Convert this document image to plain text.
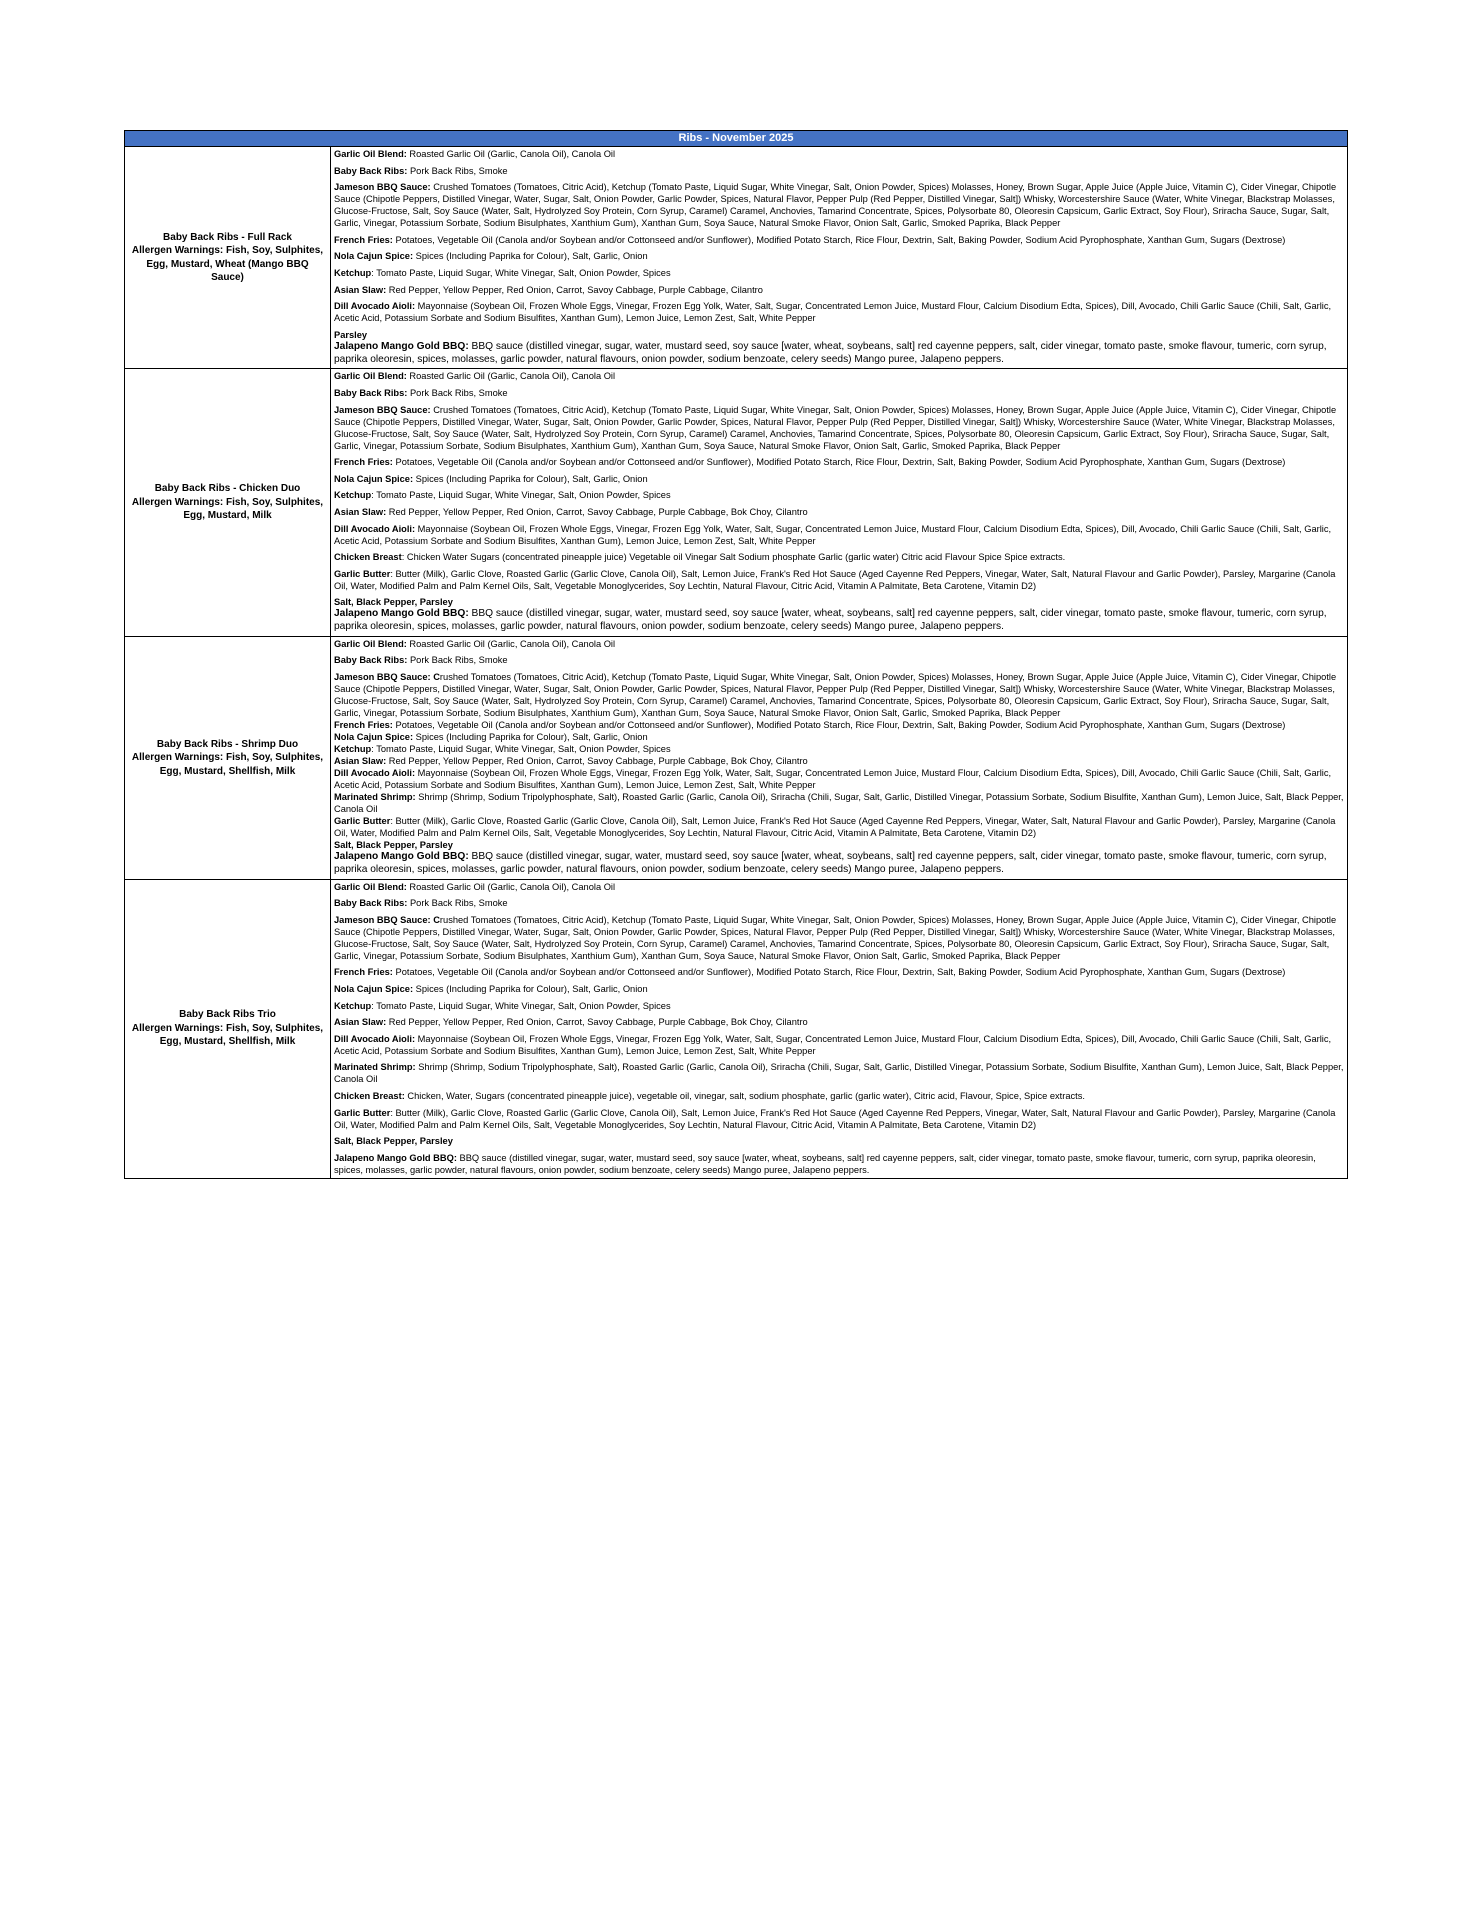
Ribs - November 2025
Baby Back Ribs - Full Rack
Allergen Warnings: Fish, Soy, Sulphites, Egg, Mustard, Wheat (Mango BBQ Sauce)
Garlic Oil Blend: Roasted Garlic Oil (Garlic, Canola Oil), Canola Oil
Baby Back Ribs: Pork Back Ribs, Smoke
Jameson BBQ Sauce: Crushed Tomatoes (Tomatoes, Citric Acid), Ketchup (Tomato Paste, Liquid Sugar, White Vinegar, Salt, Onion Powder, Spices) Molasses, Honey, Brown Sugar, Apple Juice (Apple Juice, Vitamin C), Cider Vinegar, Chipotle Sauce (Chipotle Peppers, Distilled Vinegar, Water, Sugar, Salt, Onion Powder, Garlic Powder, Spices, Natural Flavor, Pepper Pulp (Red Pepper, Distilled Vinegar, Salt]) Whisky, Worcestershire Sauce (Water, White Vinegar, Blackstrap Molasses, Glucose-Fructose, Salt, Soy Sauce (Water, Salt, Hydrolyzed Soy Protein, Corn Syrup, Caramel) Caramel, Anchovies, Tamarind Concentrate, Spices, Polysorbate 80, Oleoresin Capsicum, Garlic Extract, Soy Flour), Sriracha Sauce, Sugar, Salt, Garlic, Vinegar, Potassium Sorbate, Sodium Bisulphates, Xanthium Gum), Xanthan Gum, Soya Sauce, Natural Smoke Flavor, Onion Salt, Garlic, Smoked Paprika, Black Pepper
French Fries: Potatoes, Vegetable Oil (Canola and/or Soybean and/or Cottonseed and/or Sunflower), Modified Potato Starch, Rice Flour, Dextrin, Salt, Baking Powder, Sodium Acid Pyrophosphate, Xanthan Gum, Sugars (Dextrose)
Nola Cajun Spice: Spices (Including Paprika for Colour), Salt, Garlic, Onion
Ketchup: Tomato Paste, Liquid Sugar, White Vinegar, Salt, Onion Powder, Spices
Asian Slaw: Red Pepper, Yellow Pepper, Red Onion, Carrot, Savoy Cabbage, Purple Cabbage, Cilantro
Dill Avocado Aioli: Mayonnaise (Soybean Oil, Frozen Whole Eggs, Vinegar, Frozen Egg Yolk, Water, Salt, Sugar, Concentrated Lemon Juice, Mustard Flour, Calcium Disodium Edta, Spices), Dill, Avocado, Chili Garlic Sauce (Chili, Salt, Garlic, Acetic Acid, Potassium Sorbate and Sodium Bisulfites, Xanthan Gum), Lemon Juice, Lemon Zest, Salt, White Pepper
Parsley
Jalapeno Mango Gold BBQ: BBQ sauce (distilled vinegar, sugar, water, mustard seed, soy sauce [water, wheat, soybeans, salt] red cayenne peppers, salt, cider vinegar, tomato paste, smoke flavour, tumeric, corn syrup, paprika oleoresin, spices, molasses, garlic powder, natural flavours, onion powder, sodium benzoate, celery seeds) Mango puree, Jalapeno peppers.
Baby Back Ribs - Chicken Duo
Allergen Warnings: Fish, Soy, Sulphites, Egg, Mustard, Milk
Garlic Oil Blend: Roasted Garlic Oil (Garlic, Canola Oil), Canola Oil
Baby Back Ribs: Pork Back Ribs, Smoke
Jameson BBQ Sauce: Crushed Tomatoes (Tomatoes, Citric Acid), Ketchup (Tomato Paste, Liquid Sugar, White Vinegar, Salt, Onion Powder, Spices) Molasses, Honey, Brown Sugar, Apple Juice (Apple Juice, Vitamin C), Cider Vinegar, Chipotle Sauce (Chipotle Peppers, Distilled Vinegar, Water, Sugar, Salt, Onion Powder, Garlic Powder, Spices, Natural Flavor, Pepper Pulp (Red Pepper, Distilled Vinegar, Salt]) Whisky, Worcestershire Sauce (Water, White Vinegar, Blackstrap Molasses, Glucose-Fructose, Salt, Soy Sauce (Water, Salt, Hydrolyzed Soy Protein, Corn Syrup, Caramel) Caramel, Anchovies, Tamarind Concentrate, Spices, Polysorbate 80, Oleoresin Capsicum, Garlic Extract, Soy Flour), Sriracha Sauce, Sugar, Salt, Garlic, Vinegar, Potassium Sorbate, Sodium Bisulphates, Xanthium Gum), Xanthan Gum, Soya Sauce, Natural Smoke Flavor, Onion Salt, Garlic, Smoked Paprika, Black Pepper
French Fries: Potatoes, Vegetable Oil (Canola and/or Soybean and/or Cottonseed and/or Sunflower), Modified Potato Starch, Rice Flour, Dextrin, Salt, Baking Powder, Sodium Acid Pyrophosphate, Xanthan Gum, Sugars (Dextrose)
Nola Cajun Spice: Spices (Including Paprika for Colour), Salt, Garlic, Onion
Ketchup: Tomato Paste, Liquid Sugar, White Vinegar, Salt, Onion Powder, Spices
Asian Slaw: Red Pepper, Yellow Pepper, Red Onion, Carrot, Savoy Cabbage, Purple Cabbage, Bok Choy, Cilantro
Dill Avocado Aioli: Mayonnaise (Soybean Oil, Frozen Whole Eggs, Vinegar, Frozen Egg Yolk, Water, Salt, Sugar, Concentrated Lemon Juice, Mustard Flour, Calcium Disodium Edta, Spices), Dill, Avocado, Chili Garlic Sauce (Chili, Salt, Garlic, Acetic Acid, Potassium Sorbate and Sodium Bisulfites, Xanthan Gum), Lemon Juice, Lemon Zest, Salt, White Pepper
Chicken Breast: Chicken Water Sugars (concentrated pineapple juice) Vegetable oil Vinegar Salt Sodium phosphate Garlic (garlic water) Citric acid Flavour Spice Spice extracts.
Garlic Butter: Butter (Milk), Garlic Clove, Roasted Garlic (Garlic Clove, Canola Oil), Salt, Lemon Juice, Frank's Red Hot Sauce (Aged Cayenne Red Peppers, Vinegar, Water, Salt, Natural Flavour and Garlic Powder), Parsley, Margarine (Canola Oil, Water, Modified Palm and Palm Kernel Oils, Salt, Vegetable Monoglycerides, Soy Lechtin, Natural Flavour, Citric Acid, Vitamin A Palmitate, Beta Carotene, Vitamin D2)
Salt, Black Pepper, Parsley
Jalapeno Mango Gold BBQ: BBQ sauce (distilled vinegar, sugar, water, mustard seed, soy sauce [water, wheat, soybeans, salt] red cayenne peppers, salt, cider vinegar, tomato paste, smoke flavour, tumeric, corn syrup, paprika oleoresin, spices, molasses, garlic powder, natural flavours, onion powder, sodium benzoate, celery seeds) Mango puree, Jalapeno peppers.
Baby Back Ribs - Shrimp Duo
Allergen Warnings: Fish, Soy, Sulphites, Egg, Mustard, Shellfish, Milk
Garlic Oil Blend: Roasted Garlic Oil (Garlic, Canola Oil), Canola Oil
Baby Back Ribs: Pork Back Ribs, Smoke
Jameson BBQ Sauce: Crushed Tomatoes (Tomatoes, Citric Acid), Ketchup (Tomato Paste, Liquid Sugar, White Vinegar, Salt, Onion Powder, Spices) Molasses, Honey, Brown Sugar, Apple Juice (Apple Juice, Vitamin C), Cider Vinegar, Chipotle Sauce (Chipotle Peppers, Distilled Vinegar, Water, Sugar, Salt, Onion Powder, Garlic Powder, Spices, Natural Flavor, Pepper Pulp (Red Pepper, Distilled Vinegar, Salt]) Whisky, Worcestershire Sauce (Water, White Vinegar, Blackstrap Molasses, Glucose-Fructose, Salt, Soy Sauce (Water, Salt, Hydrolyzed Soy Protein, Corn Syrup, Caramel) Caramel, Anchovies, Tamarind Concentrate, Spices, Polysorbate 80, Oleoresin Capsicum, Garlic Extract, Soy Flour), Sriracha Sauce, Sugar, Salt, Garlic, Vinegar, Potassium Sorbate, Sodium Bisulphates, Xanthium Gum), Xanthan Gum, Soya Sauce, Natural Smoke Flavor, Onion Salt, Garlic, Smoked Paprika, Black Pepper
French Fries: Potatoes, Vegetable Oil (Canola and/or Soybean and/or Cottonseed and/or Sunflower), Modified Potato Starch, Rice Flour, Dextrin, Salt, Baking Powder, Sodium Acid Pyrophosphate, Xanthan Gum, Sugars (Dextrose)
Nola Cajun Spice: Spices (Including Paprika for Colour), Salt, Garlic, Onion
Ketchup: Tomato Paste, Liquid Sugar, White Vinegar, Salt, Onion Powder, Spices
Asian Slaw: Red Pepper, Yellow Pepper, Red Onion, Carrot, Savoy Cabbage, Purple Cabbage, Bok Choy, Cilantro
Dill Avocado Aioli: Mayonnaise (Soybean Oil, Frozen Whole Eggs, Vinegar, Frozen Egg Yolk, Water, Salt, Sugar, Concentrated Lemon Juice, Mustard Flour, Calcium Disodium Edta, Spices), Dill, Avocado, Chili Garlic Sauce (Chili, Salt, Garlic, Acetic Acid, Potassium Sorbate and Sodium Bisulfites, Xanthan Gum), Lemon Juice, Lemon Zest, Salt, White Pepper
Marinated Shrimp: Shrimp (Shrimp, Sodium Tripolyphosphate, Salt), Roasted Garlic (Garlic, Canola Oil), Sriracha (Chili, Sugar, Salt, Garlic, Distilled Vinegar, Potassium Sorbate, Sodium Bisulfite, Xanthan Gum), Lemon Juice, Salt, Black Pepper, Canola Oil
Garlic Butter: Butter (Milk), Garlic Clove, Roasted Garlic (Garlic Clove, Canola Oil), Salt, Lemon Juice, Frank's Red Hot Sauce (Aged Cayenne Red Peppers, Vinegar, Water, Salt, Natural Flavour and Garlic Powder), Parsley, Margarine (Canola Oil, Water, Modified Palm and Palm Kernel Oils, Salt, Vegetable Monoglycerides, Soy Lechtin, Natural Flavour, Citric Acid, Vitamin A Palmitate, Beta Carotene, Vitamin D2)
Salt, Black Pepper, Parsley
Jalapeno Mango Gold BBQ: BBQ sauce (distilled vinegar, sugar, water, mustard seed, soy sauce [water, wheat, soybeans, salt] red cayenne peppers, salt, cider vinegar, tomato paste, smoke flavour, tumeric, corn syrup, paprika oleoresin, spices, molasses, garlic powder, natural flavours, onion powder, sodium benzoate, celery seeds) Mango puree, Jalapeno peppers.
Baby Back Ribs Trio
Allergen Warnings: Fish, Soy, Sulphites, Egg, Mustard, Shellfish, Milk
Garlic Oil Blend: Roasted Garlic Oil (Garlic, Canola Oil), Canola Oil
Baby Back Ribs: Pork Back Ribs, Smoke
Jameson BBQ Sauce: Crushed Tomatoes (Tomatoes, Citric Acid), Ketchup (Tomato Paste, Liquid Sugar, White Vinegar, Salt, Onion Powder, Spices) Molasses, Honey, Brown Sugar, Apple Juice (Apple Juice, Vitamin C), Cider Vinegar, Chipotle Sauce (Chipotle Peppers, Distilled Vinegar, Water, Sugar, Salt, Onion Powder, Garlic Powder, Spices, Natural Flavor, Pepper Pulp (Red Pepper, Distilled Vinegar, Salt]) Whisky, Worcestershire Sauce (Water, White Vinegar, Blackstrap Molasses, Glucose-Fructose, Salt, Soy Sauce (Water, Salt, Hydrolyzed Soy Protein, Corn Syrup, Caramel) Caramel, Anchovies, Tamarind Concentrate, Spices, Polysorbate 80, Oleoresin Capsicum, Garlic Extract, Soy Flour), Sriracha Sauce, Sugar, Salt, Garlic, Vinegar, Potassium Sorbate, Sodium Bisulphates, Xanthium Gum), Xanthan Gum, Soya Sauce, Natural Smoke Flavor, Onion Salt, Garlic, Smoked Paprika, Black Pepper
French Fries: Potatoes, Vegetable Oil (Canola and/or Soybean and/or Cottonseed and/or Sunflower), Modified Potato Starch, Rice Flour, Dextrin, Salt, Baking Powder, Sodium Acid Pyrophosphate, Xanthan Gum, Sugars (Dextrose)
Nola Cajun Spice: Spices (Including Paprika for Colour), Salt, Garlic, Onion
Ketchup: Tomato Paste, Liquid Sugar, White Vinegar, Salt, Onion Powder, Spices
Asian Slaw: Red Pepper, Yellow Pepper, Red Onion, Carrot, Savoy Cabbage, Purple Cabbage, Bok Choy, Cilantro
Dill Avocado Aioli: Mayonnaise (Soybean Oil, Frozen Whole Eggs, Vinegar, Frozen Egg Yolk, Water, Salt, Sugar, Concentrated Lemon Juice, Mustard Flour, Calcium Disodium Edta, Spices), Dill, Avocado, Chili Garlic Sauce (Chili, Salt, Garlic, Acetic Acid, Potassium Sorbate and Sodium Bisulfites, Xanthan Gum), Lemon Juice, Lemon Zest, Salt, White Pepper
Marinated Shrimp: Shrimp (Shrimp, Sodium Tripolyphosphate, Salt), Roasted Garlic (Garlic, Canola Oil), Sriracha (Chili, Sugar, Salt, Garlic, Distilled Vinegar, Potassium Sorbate, Sodium Bisulfite, Xanthan Gum), Lemon Juice, Salt, Black Pepper, Canola Oil
Chicken Breast: Chicken, Water, Sugars (concentrated pineapple juice), vegetable oil, vinegar, salt, sodium phosphate, garlic (garlic water), Citric acid, Flavour, Spice, Spice extracts.
Garlic Butter: Butter (Milk), Garlic Clove, Roasted Garlic (Garlic Clove, Canola Oil), Salt, Lemon Juice, Frank's Red Hot Sauce (Aged Cayenne Red Peppers, Vinegar, Water, Salt, Natural Flavour and Garlic Powder), Parsley, Margarine (Canola Oil, Water, Modified Palm and Palm Kernel Oils, Salt, Vegetable Monoglycerides, Soy Lechtin, Natural Flavour, Citric Acid, Vitamin A Palmitate, Beta Carotene, Vitamin D2)
Salt, Black Pepper, Parsley
Jalapeno Mango Gold BBQ: BBQ sauce (distilled vinegar, sugar, water, mustard seed, soy sauce [water, wheat, soybeans, salt] red cayenne peppers, salt, cider vinegar, tomato paste, smoke flavour, tumeric, corn syrup, paprika oleoresin, spices, molasses, garlic powder, natural flavours, onion powder, sodium benzoate, celery seeds) Mango puree, Jalapeno peppers.
